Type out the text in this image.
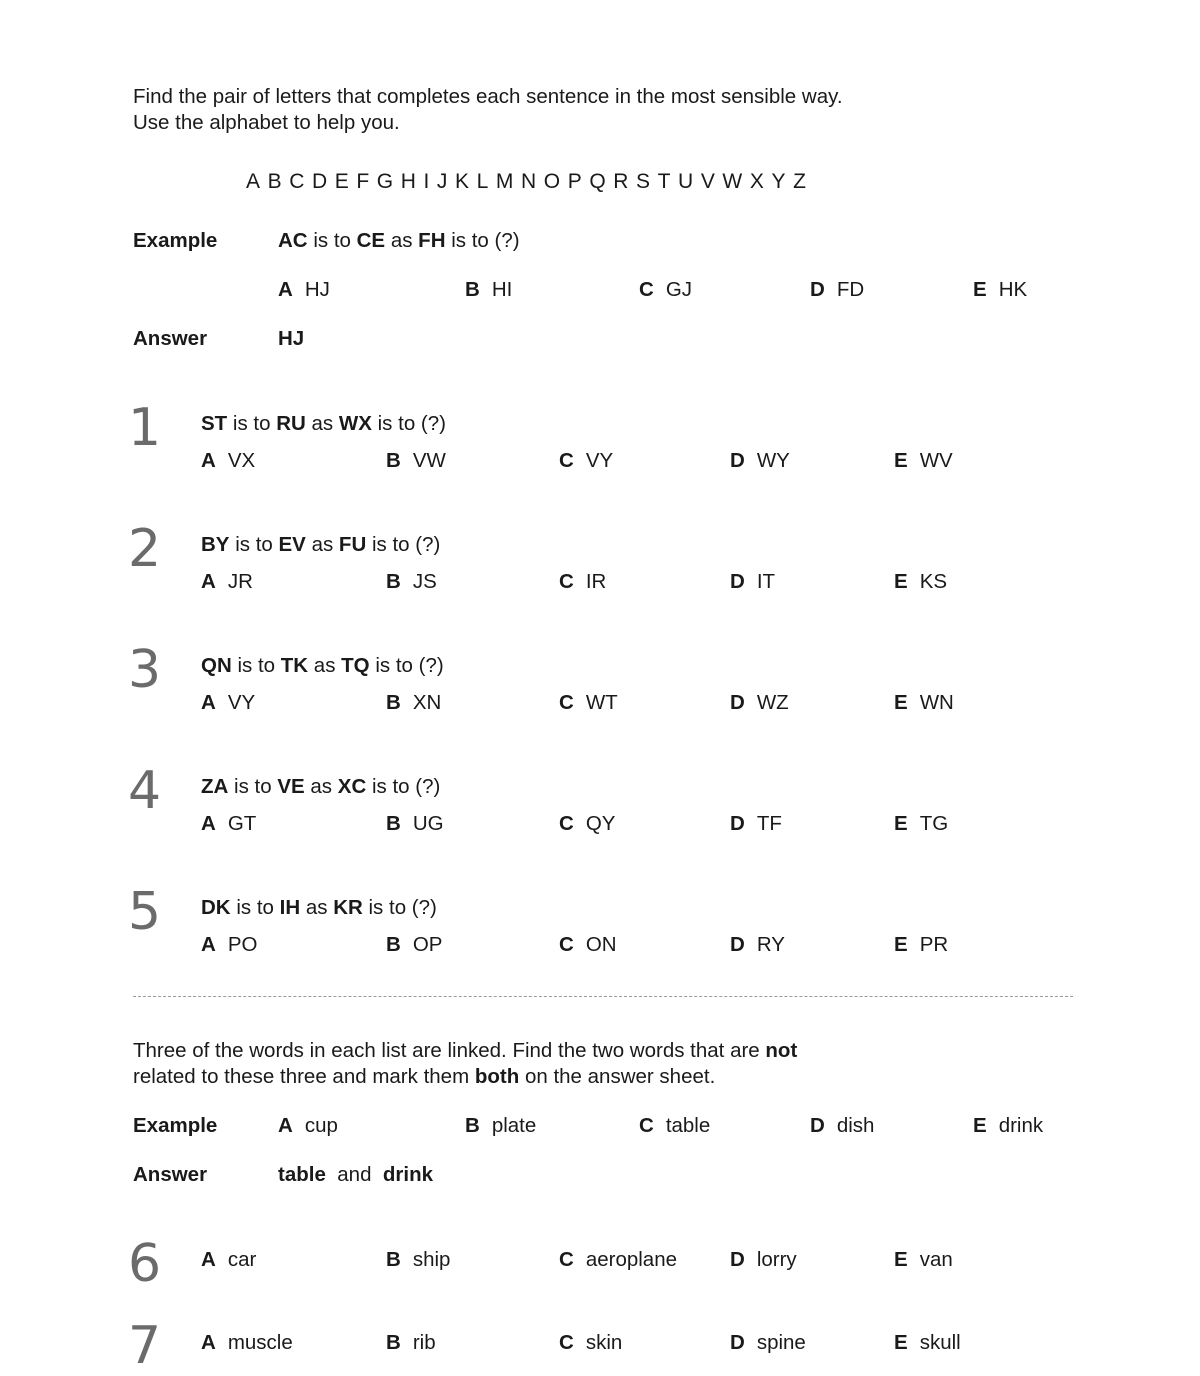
Find the pair of letters that completes each sentence in the most sensible way.
Use the alphabet to help you.
A B C D E F G H I J K L M N O P Q R S T U V W X Y Z
Example	AC is to CE as FH is to (?)
A HJ	B HI	C GJ	D FD	E HK
Answer	HJ
1 ST is to RU as WX is to (?)
A VX	B VW	C VY	D WY	E WV
2 BY is to EV as FU is to (?)
A JR	B JS	C IR	D IT	E KS
3 QN is to TK as TQ is to (?)
A VY	B XN	C WT	D WZ	E WN
4 ZA is to VE as XC is to (?)
A GT	B UG	C QY	D TF	E TG
5 DK is to IH as KR is to (?)
A PO	B OP	C ON	D RY	E PR
Three of the words in each list are linked. Find the two words that are not
related to these three and mark them both on the answer sheet.
Example	A cup	B plate	C table	D dish	E drink
Answer	table and drink
6 A car	B ship	C aeroplane	D lorry	E van
7 A muscle	B rib	C skin	D spine	E skull
